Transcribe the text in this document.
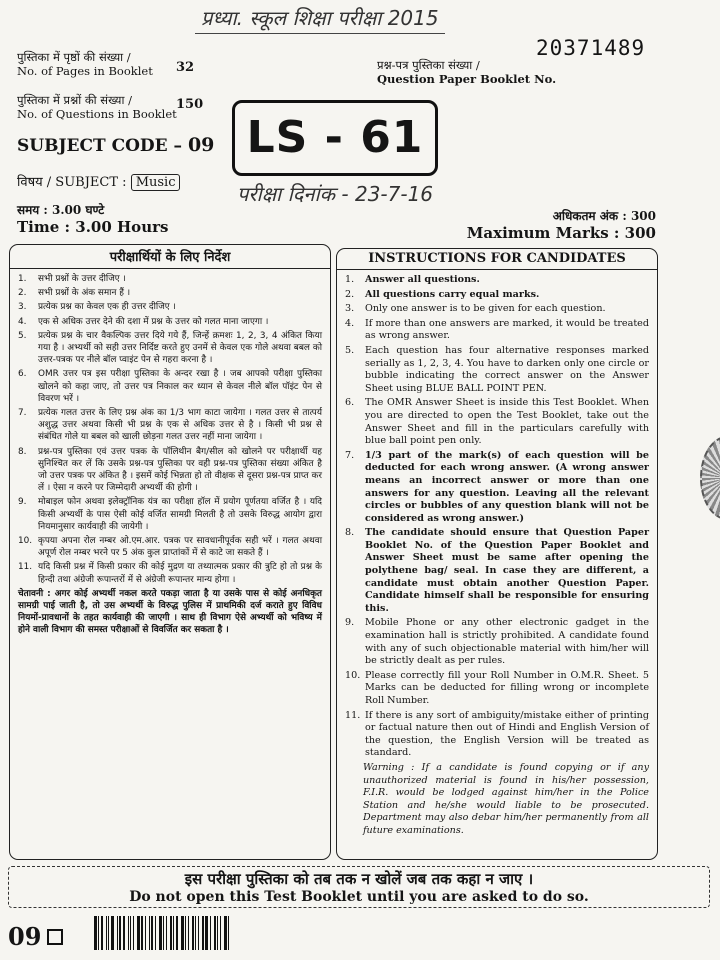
प्रध्या. स्कूल शिक्षा परीक्षा 2015
20371489
पुस्तिका में पृष्ठों की संख्या /
No. of Pages in Booklet 32
पुस्तिका में प्रश्नों की संख्या /
No. of Questions in Booklet
150
प्रश्न-पत्र पुस्तिका संख्या /
Question Paper Booklet No.
SUBJECT CODE – 09 LS - 61
विषय / SUBJECT : Music	परीक्षा दिनांक - 23-7-16
समय : 3.00 घण्टे
Time : 3.00 Hours
अधिकतम अंक : 300
Maximum Marks : 300
परीक्षार्थियों के लिए निर्देश
1.	सभी प्रश्नों के उत्तर दीजिए ।
2.	सभी प्रश्नों के अंक समान हैं ।
3.	प्रत्येक प्रश्न का केवल एक ही उत्तर दीजिए ।
4.	एक से अधिक उत्तर देने की दशा में प्रश्न के उत्तर को गलत माना जाएगा ।
5.	प्रत्येक प्रश्न के चार वैकल्पिक उत्तर दिये गये हैं, जिन्हें क्रमशः 1, 2, 3, 4 अंकित किया गया है । अभ्यर्थी को सही उत्तर निर्दिष्ट करते हुए उनमें से केवल एक गोले अथवा बबल को उत्तर-पत्रक पर नीले बॉल प्वाइंट पेन से गहरा करना है ।
6.	OMR उत्तर पत्र इस परीक्षा पुस्तिका के अन्दर रखा है । जब आपको परीक्षा पुस्तिका खोलने को कहा जाए, तो उत्तर पत्र निकाल कर ध्यान से केवल नीले बॉल पॉइंट पेन से विवरण भरें ।
7.	प्रत्येक गलत उत्तर के लिए प्रश्न अंक का 1/3 भाग काटा जायेगा । गलत उत्तर से तात्पर्य अशुद्ध उत्तर अथवा किसी भी प्रश्न के एक से अधिक उत्तर से है । किसी भी प्रश्न से संबंधित गोले या बबल को खाली छोड़ना गलत उत्तर नहीं माना जायेगा ।
8.	प्रश्न-पत्र पुस्तिका एवं उत्तर पत्रक के पॉलिथीन बैग/सील को खोलने पर परीक्षार्थी यह सुनिश्चित कर लें कि उसके प्रश्न-पत्र पुस्तिका पर वही प्रश्न-पत्र पुस्तिका संख्या अंकित है जो उत्तर पत्रक पर अंकित है । इसमें कोई भिन्नता हो तो वीक्षक से दूसरा प्रश्न-पत्र प्राप्त कर लें । ऐसा न करने पर जिम्मेदारी अभ्यर्थी की होगी ।
9.	मोबाइल फोन अथवा इलेक्ट्रॉनिक यंत्र का परीक्षा हॉल में प्रयोग पूर्णतया वर्जित है । यदि किसी अभ्यर्थी के पास ऐसी कोई वर्जित सामग्री मिलती है तो उसके विरुद्ध आयोग द्वारा नियमानुसार कार्यवाही की जायेगी ।
10. कृपया अपना रोल नम्बर ओ.एम.आर. पत्रक पर सावधानीपूर्वक सही भरें । गलत अथवा अपूर्ण रोल नम्बर भरने पर 5 अंक कुल प्राप्तांकों में से काटे जा सकते हैं ।
11. यदि किसी प्रश्न में किसी प्रकार की कोई मुद्रण या तथ्यात्मक प्रकार की त्रुटि हो तो प्रश्न के हिन्दी तथा अंग्रेजी रूपान्तरों में से अंग्रेजी रूपान्तर मान्य होगा ।
चेतावनी : अगर कोई अभ्यर्थी नकल करते पकड़ा जाता है या उसके पास से कोई अनधिकृत सामग्री पाई जाती है, तो उस अभ्यर्थी के विरुद्ध पुलिस में प्राथमिकी दर्ज कराते हुए विविध नियमों-प्रावधानों के तहत कार्यवाही की जाएगी । साथ ही विभाग ऐसे अभ्यर्थी को भविष्य में होने वाली विभाग की समस्त परीक्षाओं से विवर्जित कर सकता है ।
INSTRUCTIONS FOR CANDIDATES
1.	Answer all questions.
2.	All questions carry equal marks.
3.	Only one answer is to be given for each question.
4.	If more than one answers are marked, it would be treated as wrong answer.
5.	Each question has four alternative responses marked serially as 1, 2, 3, 4. You have to darken only one circle or bubble indicating the correct answer on the Answer Sheet using BLUE BALL POINT PEN.
6.	The OMR Answer Sheet is inside this Test Booklet. When you are directed to open the Test Booklet, take out the Answer Sheet and fill in the particulars carefully with blue ball point pen only.
7.	1/3 part of the mark(s) of each question will be deducted for each wrong answer. (A wrong answer means an incorrect answer or more than one answers for any question. Leaving all the relevant circles or bubbles of any question blank will not be considered as wrong answer.)
8.	The candidate should ensure that Question Paper Booklet No. of the Question Paper Booklet and Answer Sheet must be same after opening the polythene bag/ seal. In case they are different, a candidate must obtain another Question Paper. Candidate himself shall be responsible for ensuring this.
9.	Mobile Phone or any other electronic gadget in the examination hall is strictly prohibited. A candidate found with any of such objectionable material with him/her will be strictly dealt as per rules.
10. Please correctly fill your Roll Number in O.M.R. Sheet. 5 Marks can be deducted for filling wrong or incomplete Roll Number.
11. If there is any sort of ambiguity/mistake either of printing or factual nature then out of Hindi and English Version of the question, the English Version will be treated as standard.
Warning : If a candidate is found copying or if any unauthorized material is found in his/her possession, F.I.R. would be lodged against him/her in the Police Station and he/she would liable to be prosecuted. Department may also debar him/her permanently from all future examinations.
इस परीक्षा पुस्तिका को तब तक न खोलें जब तक कहा न जाए ।
Do not open this Test Booklet until you are asked to do so.
09
